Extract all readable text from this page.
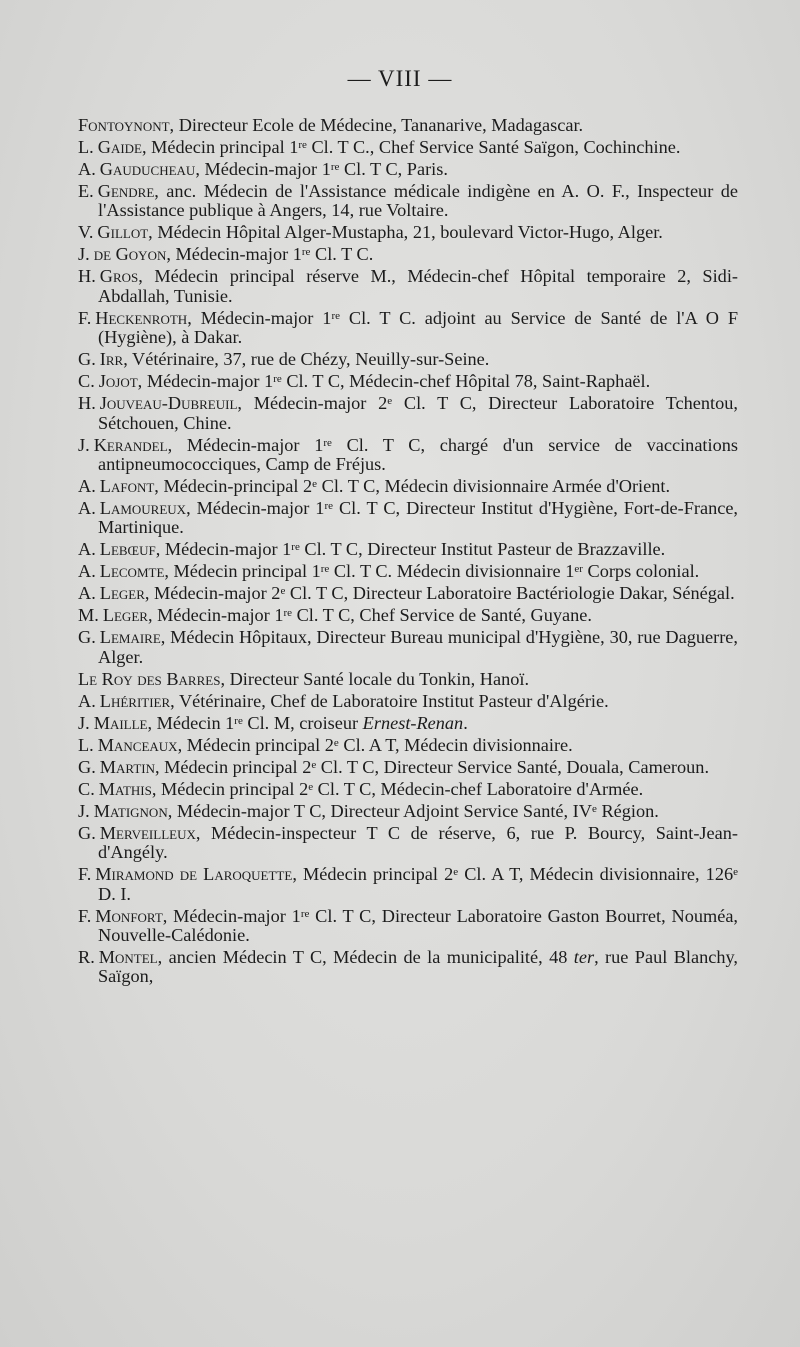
— VIII —

Fontoynont, Directeur Ecole de Médecine, Tananarive, Madagascar.

L. Gaide, Médecin principal 1re Cl. T C., Chef Service Santé Saïgon, Cochinchine.

A. Gauducheau, Médecin-major 1re Cl. T C, Paris.

E. Gendre, anc. Médecin de l'Assistance médicale indigène en A. O. F., Inspecteur de l'Assistance publique à Angers, 14, rue Voltaire.

V. Gillot, Médecin Hôpital Alger-Mustapha, 21, boulevard Victor-Hugo, Alger.

J. de Goyon, Médecin-major 1re Cl. T C.

H. Gros, Médecin principal réserve M., Médecin-chef Hôpital temporaire 2, Sidi-Abdallah, Tunisie.

F. Heckenroth, Médecin-major 1re Cl. T C. adjoint au Service de Santé de l'A O F (Hygiène), à Dakar.

G. Irr, Vétérinaire, 37, rue de Chézy, Neuilly-sur-Seine.

C. Jojot, Médecin-major 1re Cl. T C, Médecin-chef Hôpital 78, Saint-Raphaël.

H. Jouveau-Dubreuil, Médecin-major 2e Cl. T C, Directeur Laboratoire Tchentou, Sétchouen, Chine.

J. Kerandel, Médecin-major 1re Cl. T C, chargé d'un service de vaccinations antipneumococciques, Camp de Fréjus.

A. Lafont, Médecin-principal 2e Cl. T C, Médecin divisionnaire Armée d'Orient.

A. Lamoureux, Médecin-major 1re Cl. T C, Directeur Institut d'Hygiène, Fort-de-France, Martinique.

A. Lebœuf, Médecin-major 1re Cl. T C, Directeur Institut Pasteur de Brazzaville.

A. Lecomte, Médecin principal 1re Cl. T C. Médecin divisionnaire 1er Corps colonial.

A. Leger, Médecin-major 2e Cl. T C, Directeur Laboratoire Bactériologie Dakar, Sénégal.

M. Leger, Médecin-major 1re Cl. T C, Chef Service de Santé, Guyane.

G. Lemaire, Médecin Hôpitaux, Directeur Bureau municipal d'Hygiène, 30, rue Daguerre, Alger.

Le Roy des Barres, Directeur Santé locale du Tonkin, Hanoï.

A. Lhéritier, Vétérinaire, Chef de Laboratoire Institut Pasteur d'Algérie.

J. Maille, Médecin 1re Cl. M, croiseur Ernest-Renan.

L. Manceaux, Médecin principal 2e Cl. A T, Médecin divisionnaire.

G. Martin, Médecin principal 2e Cl. T C, Directeur Service Santé, Douala, Cameroun.

C. Mathis, Médecin principal 2e Cl. T C, Médecin-chef Laboratoire d'Armée.

J. Matignon, Médecin-major T C, Directeur Adjoint Service Santé, IVe Région.

G. Merveilleux, Médecin-inspecteur T C de réserve, 6, rue P. Bourcy, Saint-Jean-d'Angély.

F. Miramond de Laroquette, Médecin principal 2e Cl. A T, Médecin divisionnaire, 126e D. I.

F. Monfort, Médecin-major 1re Cl. T C, Directeur Laboratoire Gaston Bourret, Nouméa, Nouvelle-Calédonie.

R. Montel, ancien Médecin T C, Médecin de la municipalité, 48 ter, rue Paul Blanchy, Saïgon,
